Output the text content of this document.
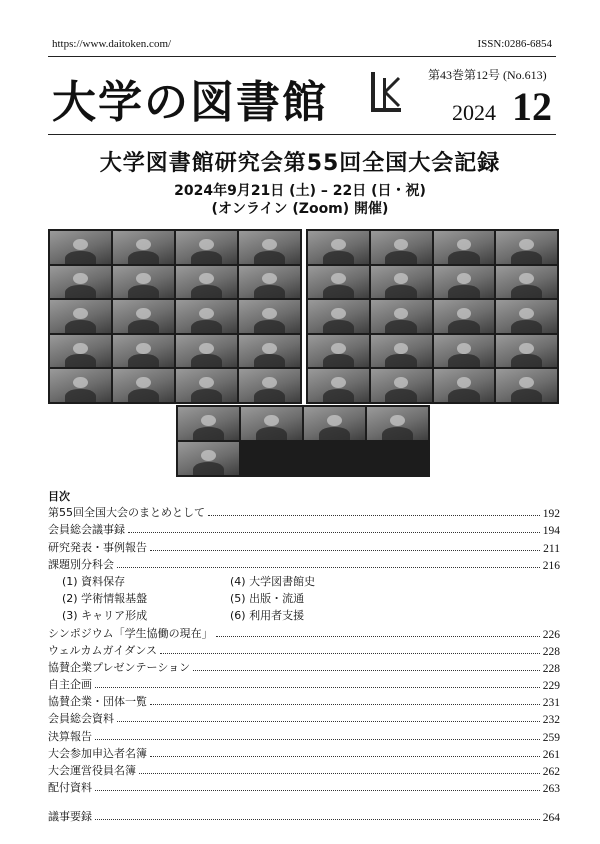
https://www.daitoken.com/	ISSN:0286-6854
大学の図書館
第43巻第12号 (No.613)
2024 12
大学図書館研究会第55回全国大会記録
2024年9月21日 (土) – 22日 (日・祝)
(オンライン (Zoom) 開催)
目次
第55回全国大会のまとめとして	192
会員総会議事録	194
研究発表・事例報告	211
課題別分科会	216
(1) 資料保存	(4) 大学図書館史
(2) 学術情報基盤	(5) 出版・流通
(3) キャリア形成	(6) 利用者支援
シンポジウム「学生協働の現在」	226
ウェルカムガイダンス	228
協賛企業プレゼンテーション	228
自主企画	229
協賛企業・団体一覧	231
会員総会資料	232
決算報告	259
大会参加申込者名簿	261
大会運営役員名簿	262
配付資料	263
議事要録	264
